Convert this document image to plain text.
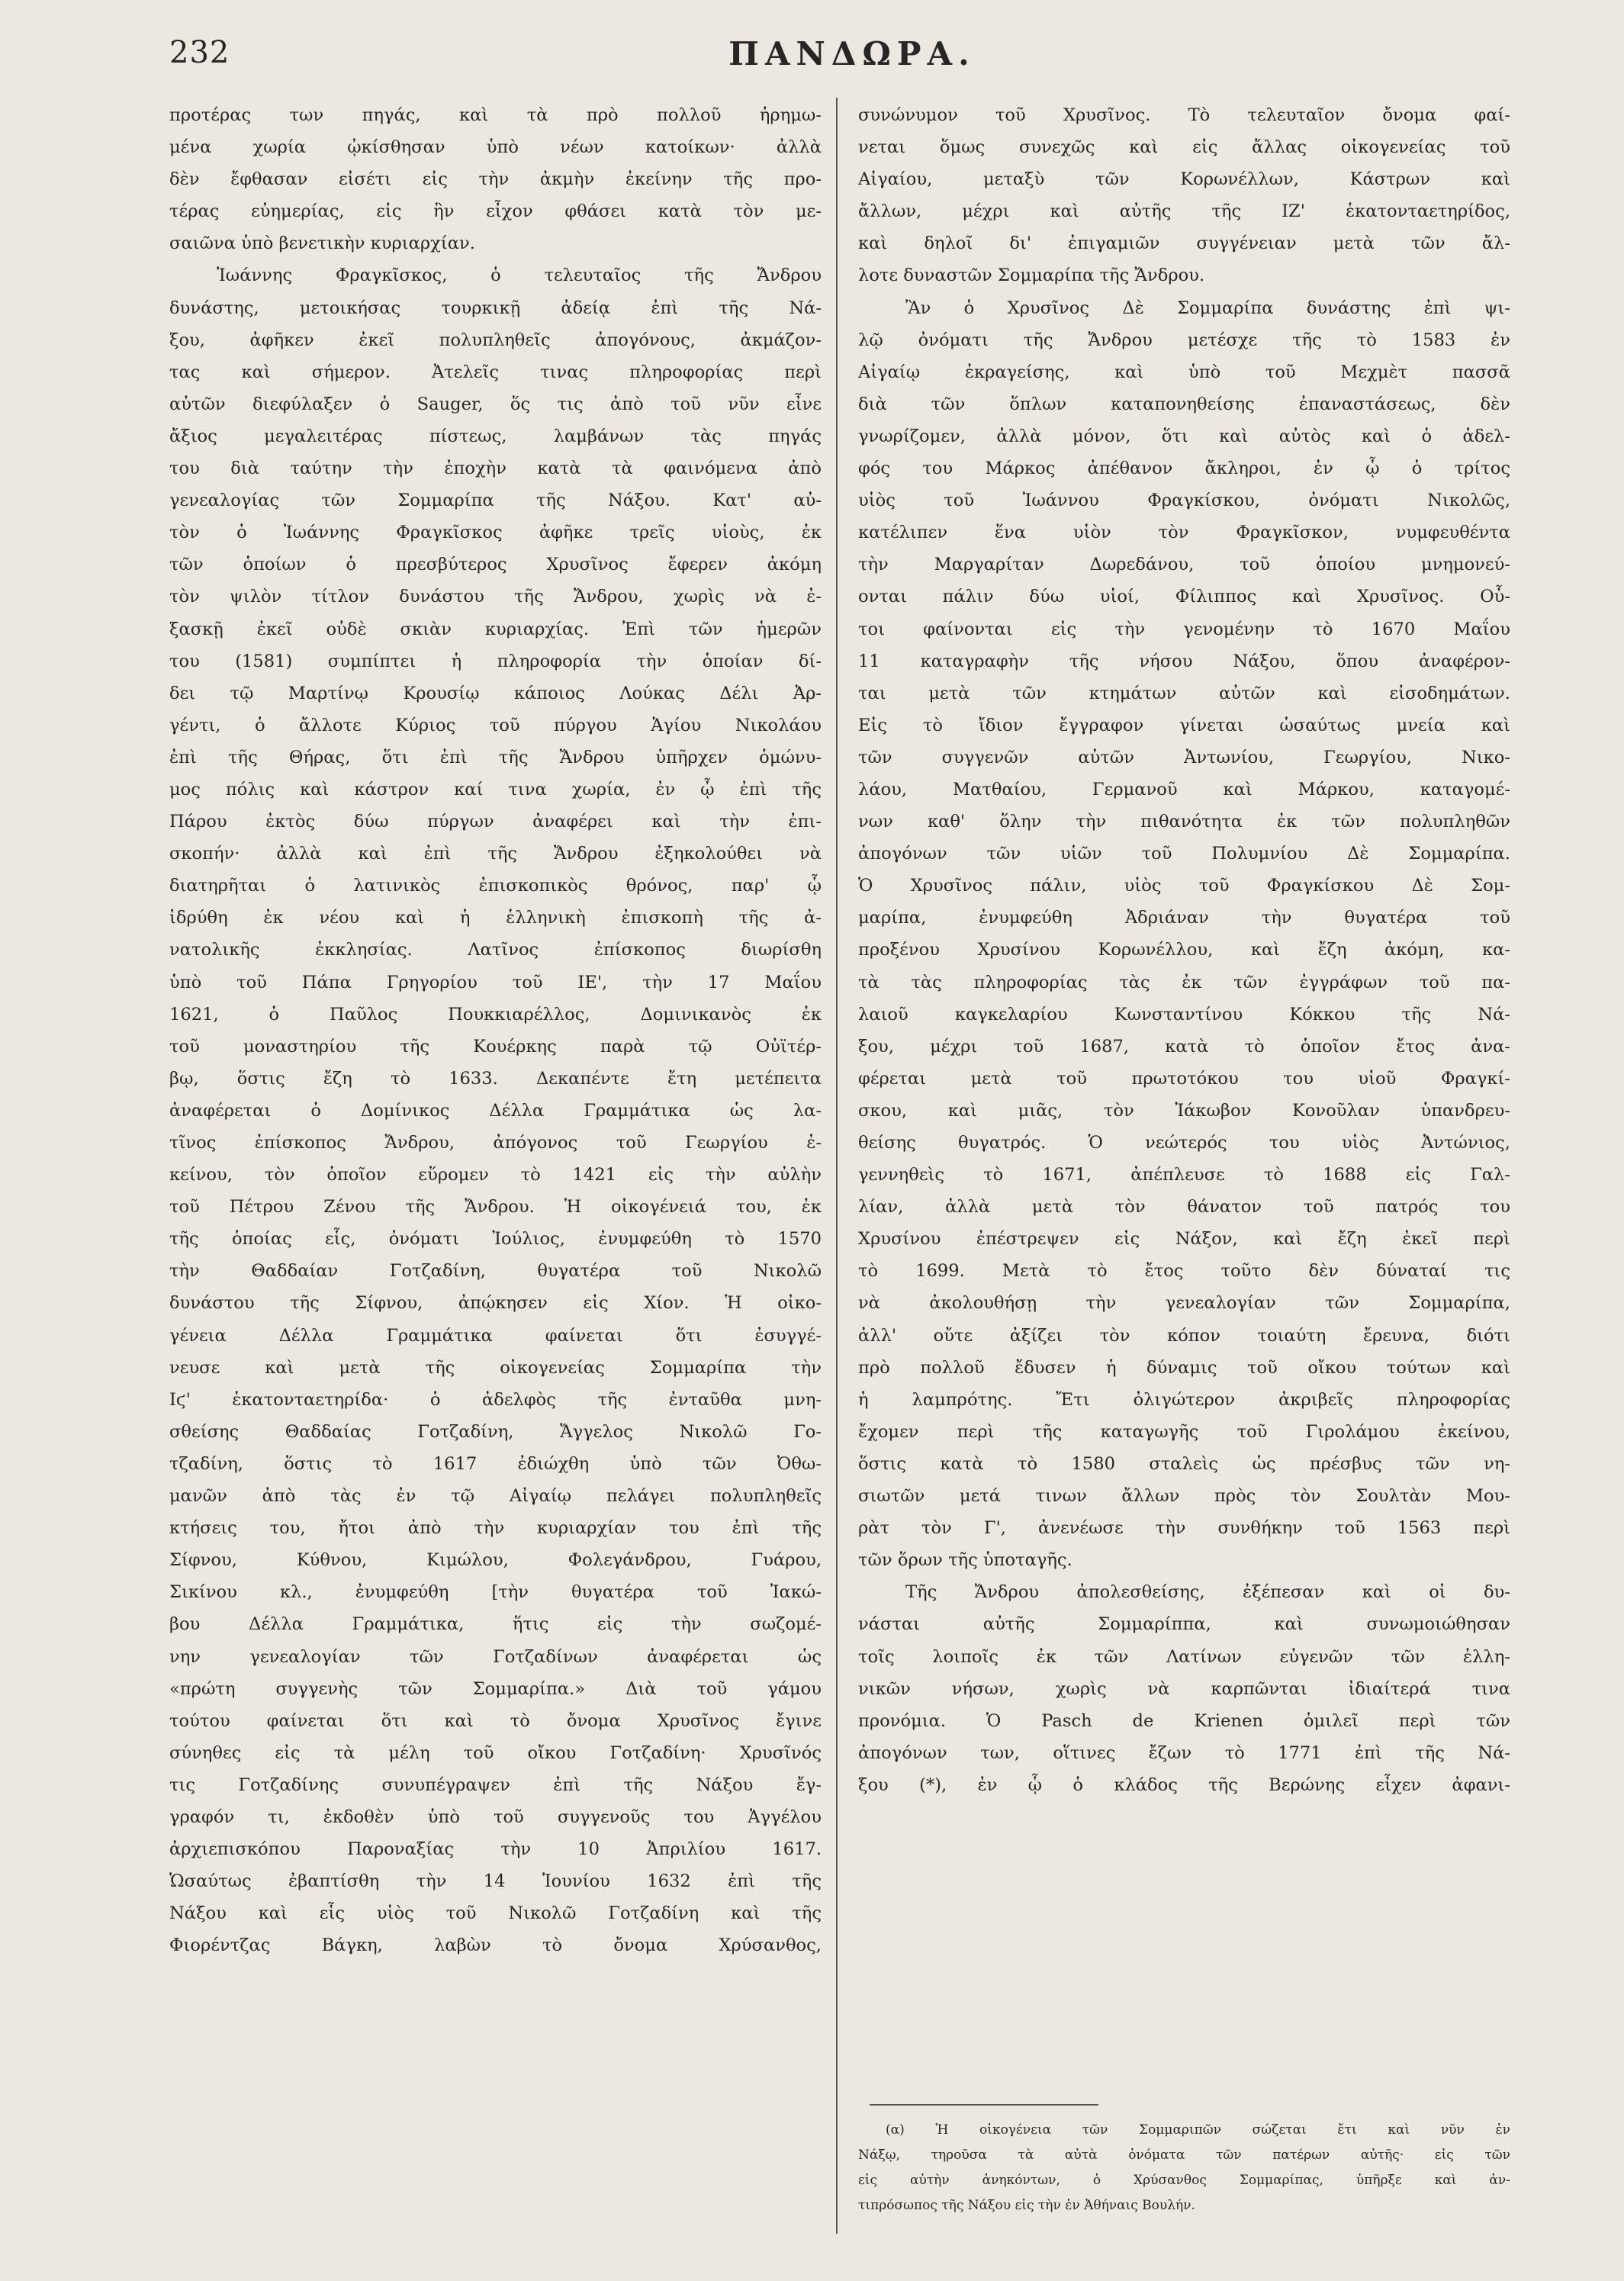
232	ΠΑΝΔΩΡΑ.
προτέρας των πηγάς, καὶ τὰ πρὸ πολλοῦ ἠρημω-
μένα χωρία ᾠκίσθησαν ὑπὸ νέων κατοίκων· ἀλλὰ
δὲν ἔφθασαν εἰσέτι εἰς τὴν ἀκμὴν ἐκείνην τῆς προ-
τέρας εὐημερίας, εἰς ἣν εἶχον φθάσει κατὰ τὸν με-
σαιῶνα ὑπὸ βενετικὴν κυριαρχίαν.
Ἰωάννης Φραγκῖσκος, ὁ τελευταῖος τῆς Ἄνδρου
δυνάστης, μετοικήσας τουρκικῇ ἀδείᾳ ἐπὶ τῆς Νά-
ξου, ἀφῆκεν ἐκεῖ πολυπληθεῖς ἀπογόνους, ἀκμάζον-
τας καὶ σήμερον. Ἀτελεῖς τινας πληροφορίας περὶ
αὐτῶν διεφύλαξεν ὁ Sauger, ὅς τις ἀπὸ τοῦ νῦν εἶνε
ἄξιος μεγαλειτέρας πίστεως, λαμβάνων τὰς πηγάς
του διὰ ταύτην τὴν ἐποχὴν κατὰ τὰ φαινόμενα ἀπὸ
γενεαλογίας τῶν Σομμαρίπα τῆς Νάξου. Κατ' αὐ-
τὸν ὁ Ἰωάννης Φραγκῖσκος ἀφῆκε τρεῖς υἱοὺς, ἐκ
τῶν ὁποίων ὁ πρεσβύτερος Χρυσῖνος ἔφερεν ἀκόμη
τὸν ψιλὸν τίτλον δυνάστου τῆς Ἄνδρου, χωρὶς νὰ ἐ-
ξασκῇ ἐκεῖ οὐδὲ σκιὰν κυριαρχίας. Ἐπὶ τῶν ἡμερῶν
του (1581) συμπίπτει ἡ πληροφορία τὴν ὁποίαν δί-
δει τῷ Μαρτίνῳ Κρουσίῳ κάποιος Λούκας Δέλι Ἀρ-
γέντι, ὁ ἄλλοτε Κύριος τοῦ πύργου Ἁγίου Νικολάου
ἐπὶ τῆς Θήρας, ὅτι ἐπὶ τῆς Ἄνδρου ὑπῆρχεν ὁμώνυ-
μος πόλις καὶ κάστρον καί τινα χωρία, ἐν ᾧ ἐπὶ τῆς
Πάρου ἐκτὸς δύω πύργων ἀναφέρει καὶ τὴν ἐπι-
σκοπήν· ἀλλὰ καὶ ἐπὶ τῆς Ἄνδρου ἐξηκολούθει νὰ
διατηρῆται ὁ λατινικὸς ἐπισκοπικὸς θρόνος, παρ' ᾧ
ἱδρύθη ἐκ νέου καὶ ἡ ἑλληνικὴ ἐπισκοπὴ τῆς ἀ-
νατολικῆς ἐκκλησίας. Λατῖνος ἐπίσκοπος διωρίσθη
ὑπὸ τοῦ Πάπα Γρηγορίου τοῦ ΙΕ', τὴν 17 Μαΐου
1621, ὁ Παῦλος Πουκκιαρέλλος, Δομινικανὸς ἐκ
τοῦ μοναστηρίου τῆς Κουέρκης παρὰ τῷ Οὐϊτέρ-
βῳ, ὅστις ἔζη τὸ 1633. Δεκαπέντε ἔτη μετέπειτα
ἀναφέρεται ὁ Δομίνικος Δέλλα Γραμμάτικα ὡς λα-
τῖνος ἐπίσκοπος Ἄνδρου, ἀπόγονος τοῦ Γεωργίου ἐ-
κείνου, τὸν ὁποῖον εὕρομεν τὸ 1421 εἰς τὴν αὐλὴν
τοῦ Πέτρου Ζένου τῆς Ἄνδρου. Ἡ οἰκογένειά του, ἐκ
τῆς ὁποίας εἷς, ὀνόματι Ἰούλιος, ἐνυμφεύθη τὸ 1570
τὴν Θαδδαίαν Γοτζαδίνη, θυγατέρα τοῦ Νικολῶ
δυνάστου τῆς Σίφνου, ἀπῴκησεν εἰς Χίον. Ἡ οἰκο-
γένεια Δέλλα Γραμμάτικα φαίνεται ὅτι ἐσυγγέ-
νευσε καὶ μετὰ τῆς οἰκογενείας Σομμαρίπα τὴν
Ιϛ' ἑκατονταετηρίδα· ὁ ἀδελφὸς τῆς ἐνταῦθα μνη-
σθείσης Θαδδαίας Γοτζαδίνη, Ἄγγελος Νικολῶ Γο-
τζαδίνη, ὅστις τὸ 1617 ἐδιώχθη ὑπὸ τῶν Ὀθω-
μανῶν ἀπὸ τὰς ἐν τῷ Αἰγαίῳ πελάγει πολυπληθεῖς
κτήσεις του, ἤτοι ἀπὸ τὴν κυριαρχίαν του ἐπὶ τῆς
Σίφνου, Κύθνου, Κιμώλου, Φολεγάνδρου, Γυάρου,
Σικίνου κλ., ἐνυμφεύθη [τὴν θυγατέρα τοῦ Ἰακώ-
βου Δέλλα Γραμμάτικα, ἥτις εἰς τὴν σωζομέ-
νην γενεαλογίαν τῶν Γοτζαδίνων ἀναφέρεται ὡς
«πρώτη συγγενὴς τῶν Σομμαρίπα.» Διὰ τοῦ γάμου
τούτου φαίνεται ὅτι καὶ τὸ ὄνομα Χρυσῖνος ἔγινε
σύνηθες εἰς τὰ μέλη τοῦ οἴκου Γοτζαδίνη· Χρυσῖνός
τις Γοτζαδίνης συνυπέγραψεν ἐπὶ τῆς Νάξου ἔγ-
γραφόν τι, ἐκδοθὲν ὑπὸ τοῦ συγγενοῦς του Ἀγγέλου
ἀρχιεπισκόπου Παροναξίας τὴν 10 Ἀπριλίου 1617.
Ὡσαύτως ἐβαπτίσθη τὴν 14 Ἰουνίου 1632 ἐπὶ τῆς
Νάξου καὶ εἷς υἱὸς τοῦ Νικολῶ Γοτζαδίνη καὶ τῆς
Φιορέντζας Βάγκη, λαβὼν τὸ ὄνομα Χρύσανθος,
συνώνυμον τοῦ Χρυσῖνος. Τὸ τελευταῖον ὄνομα φαί-
νεται ὅμως συνεχῶς καὶ εἰς ἄλλας οἰκογενείας τοῦ
Αἰγαίου, μεταξὺ τῶν Κορωνέλλων, Κάστρων καὶ
ἄλλων, μέχρι καὶ αὐτῆς τῆς ΙΖ' ἑκατονταετηρίδος,
καὶ δηλοῖ δι' ἐπιγαμιῶν συγγένειαν μετὰ τῶν ἄλ-
λοτε δυναστῶν Σομμαρίπα τῆς Ἄνδρου.
Ἂν ὁ Χρυσῖνος Δὲ Σομμαρίπα δυνάστης ἐπὶ ψι-
λῷ ὀνόματι τῆς Ἄνδρου μετέσχε τῆς τὸ 1583 ἐν
Αἰγαίῳ ἐκραγείσης, καὶ ὑπὸ τοῦ Μεχμὲτ πασσᾶ
διὰ τῶν ὅπλων καταπονηθείσης ἐπαναστάσεως, δὲν
γνωρίζομεν, ἀλλὰ μόνον, ὅτι καὶ αὐτὸς καὶ ὁ ἀδελ-
φός του Μάρκος ἀπέθανον ἄκληροι, ἐν ᾧ ὁ τρίτος
υἱὸς τοῦ Ἰωάννου Φραγκίσκου, ὀνόματι Νικολῶς,
κατέλιπεν ἕνα υἱὸν τὸν Φραγκῖσκον, νυμφευθέντα
τὴν Μαργαρίταν Δωρεδάνου, τοῦ ὁποίου μνημονεύ-
ονται πάλιν δύω υἱοί, Φίλιππος καὶ Χρυσῖνος. Οὗ-
τοι φαίνονται εἰς τὴν γενομένην τὸ 1670 Μαΐου
11 καταγραφὴν τῆς νήσου Νάξου, ὅπου ἀναφέρον-
ται μετὰ τῶν κτημάτων αὐτῶν καὶ εἰσοδημάτων.
Εἰς τὸ ἴδιον ἔγγραφον γίνεται ὡσαύτως μνεία καὶ
τῶν συγγενῶν αὐτῶν Ἀντωνίου, Γεωργίου, Νικο-
λάου, Ματθαίου, Γερμανοῦ καὶ Μάρκου, καταγομέ-
νων καθ' ὅλην τὴν πιθανότητα ἐκ τῶν πολυπληθῶν
ἀπογόνων τῶν υἱῶν τοῦ Πολυμνίου Δὲ Σομμαρίπα.
Ὁ Χρυσῖνος πάλιν, υἱὸς τοῦ Φραγκίσκου Δὲ Σομ-
μαρίπα, ἐνυμφεύθη Ἀδριάναν τὴν θυγατέρα τοῦ
προξένου Χρυσίνου Κορωνέλλου, καὶ ἔζη ἀκόμη, κα-
τὰ τὰς πληροφορίας τὰς ἐκ τῶν ἐγγράφων τοῦ πα-
λαιοῦ καγκελαρίου Κωνσταντίνου Κόκκου τῆς Νά-
ξου, μέχρι τοῦ 1687, κατὰ τὸ ὁποῖον ἔτος ἀνα-
φέρεται μετὰ τοῦ πρωτοτόκου του υἱοῦ Φραγκί-
σκου, καὶ μιᾶς, τὸν Ἰάκωβον Κονοῦλαν ὑπανδρευ-
θείσης θυγατρός. Ὁ νεώτερός του υἱὸς Ἀντώνιος,
γεννηθεὶς τὸ 1671, ἀπέπλευσε τὸ 1688 εἰς Γαλ-
λίαν, ἀλλὰ μετὰ τὸν θάνατον τοῦ πατρός του
Χρυσίνου ἐπέστρεψεν εἰς Νάξον, καὶ ἔζη ἐκεῖ περὶ
τὸ 1699. Μετὰ τὸ ἔτος τοῦτο δὲν δύναταί τις
νὰ ἀκολουθήσῃ τὴν γενεαλογίαν τῶν Σομμαρίπα,
ἀλλ' οὔτε ἀξίζει τὸν κόπον τοιαύτη ἔρευνα, διότι
πρὸ πολλοῦ ἔδυσεν ἡ δύναμις τοῦ οἴκου τούτων καὶ
ἡ λαμπρότης. Ἔτι ὀλιγώτερον ἀκριβεῖς πληροφορίας
ἔχομεν περὶ τῆς καταγωγῆς τοῦ Γιρολάμου ἐκείνου,
ὅστις κατὰ τὸ 1580 σταλεὶς ὡς πρέσβυς τῶν νη-
σιωτῶν μετά τινων ἄλλων πρὸς τὸν Σουλτὰν Μου-
ρὰτ τὸν Γ', ἀνενέωσε τὴν συνθήκην τοῦ 1563 περὶ
τῶν ὅρων τῆς ὑποταγῆς.
Τῆς Ἄνδρου ἀπολεσθείσης, ἐξέπεσαν καὶ οἱ δυ-
νάσται αὐτῆς Σομμαρίππα, καὶ συνωμοιώθησαν
τοῖς λοιποῖς ἐκ τῶν Λατίνων εὐγενῶν τῶν ἑλλη-
νικῶν νήσων, χωρὶς νὰ καρπῶνται ἰδιαίτερά τινα
προνόμια. Ὁ Pasch de Krienen ὁμιλεῖ περὶ τῶν
ἀπογόνων των, οἵτινες ἔζων τὸ 1771 ἐπὶ τῆς Νά-
ξου (*), ἐν ᾧ ὁ κλάδος τῆς Βερώνης εἶχεν ἀφανι-
(α) Ἡ οἰκογένεια τῶν Σομμαριπῶν σώζεται ἔτι καὶ νῦν ἐν
Νάξῳ, τηροῦσα τὰ αὐτὰ ὀνόματα τῶν πατέρων αὐτῆς· εἰς τῶν
εἰς αὐτὴν ἀνηκόντων, ὁ Χρύσανθος Σομμαρίπας, ὑπῆρξε καὶ ἀν-
τιπρόσωπος τῆς Νάξου εἰς τὴν ἐν Ἀθήναις Βουλήν.
